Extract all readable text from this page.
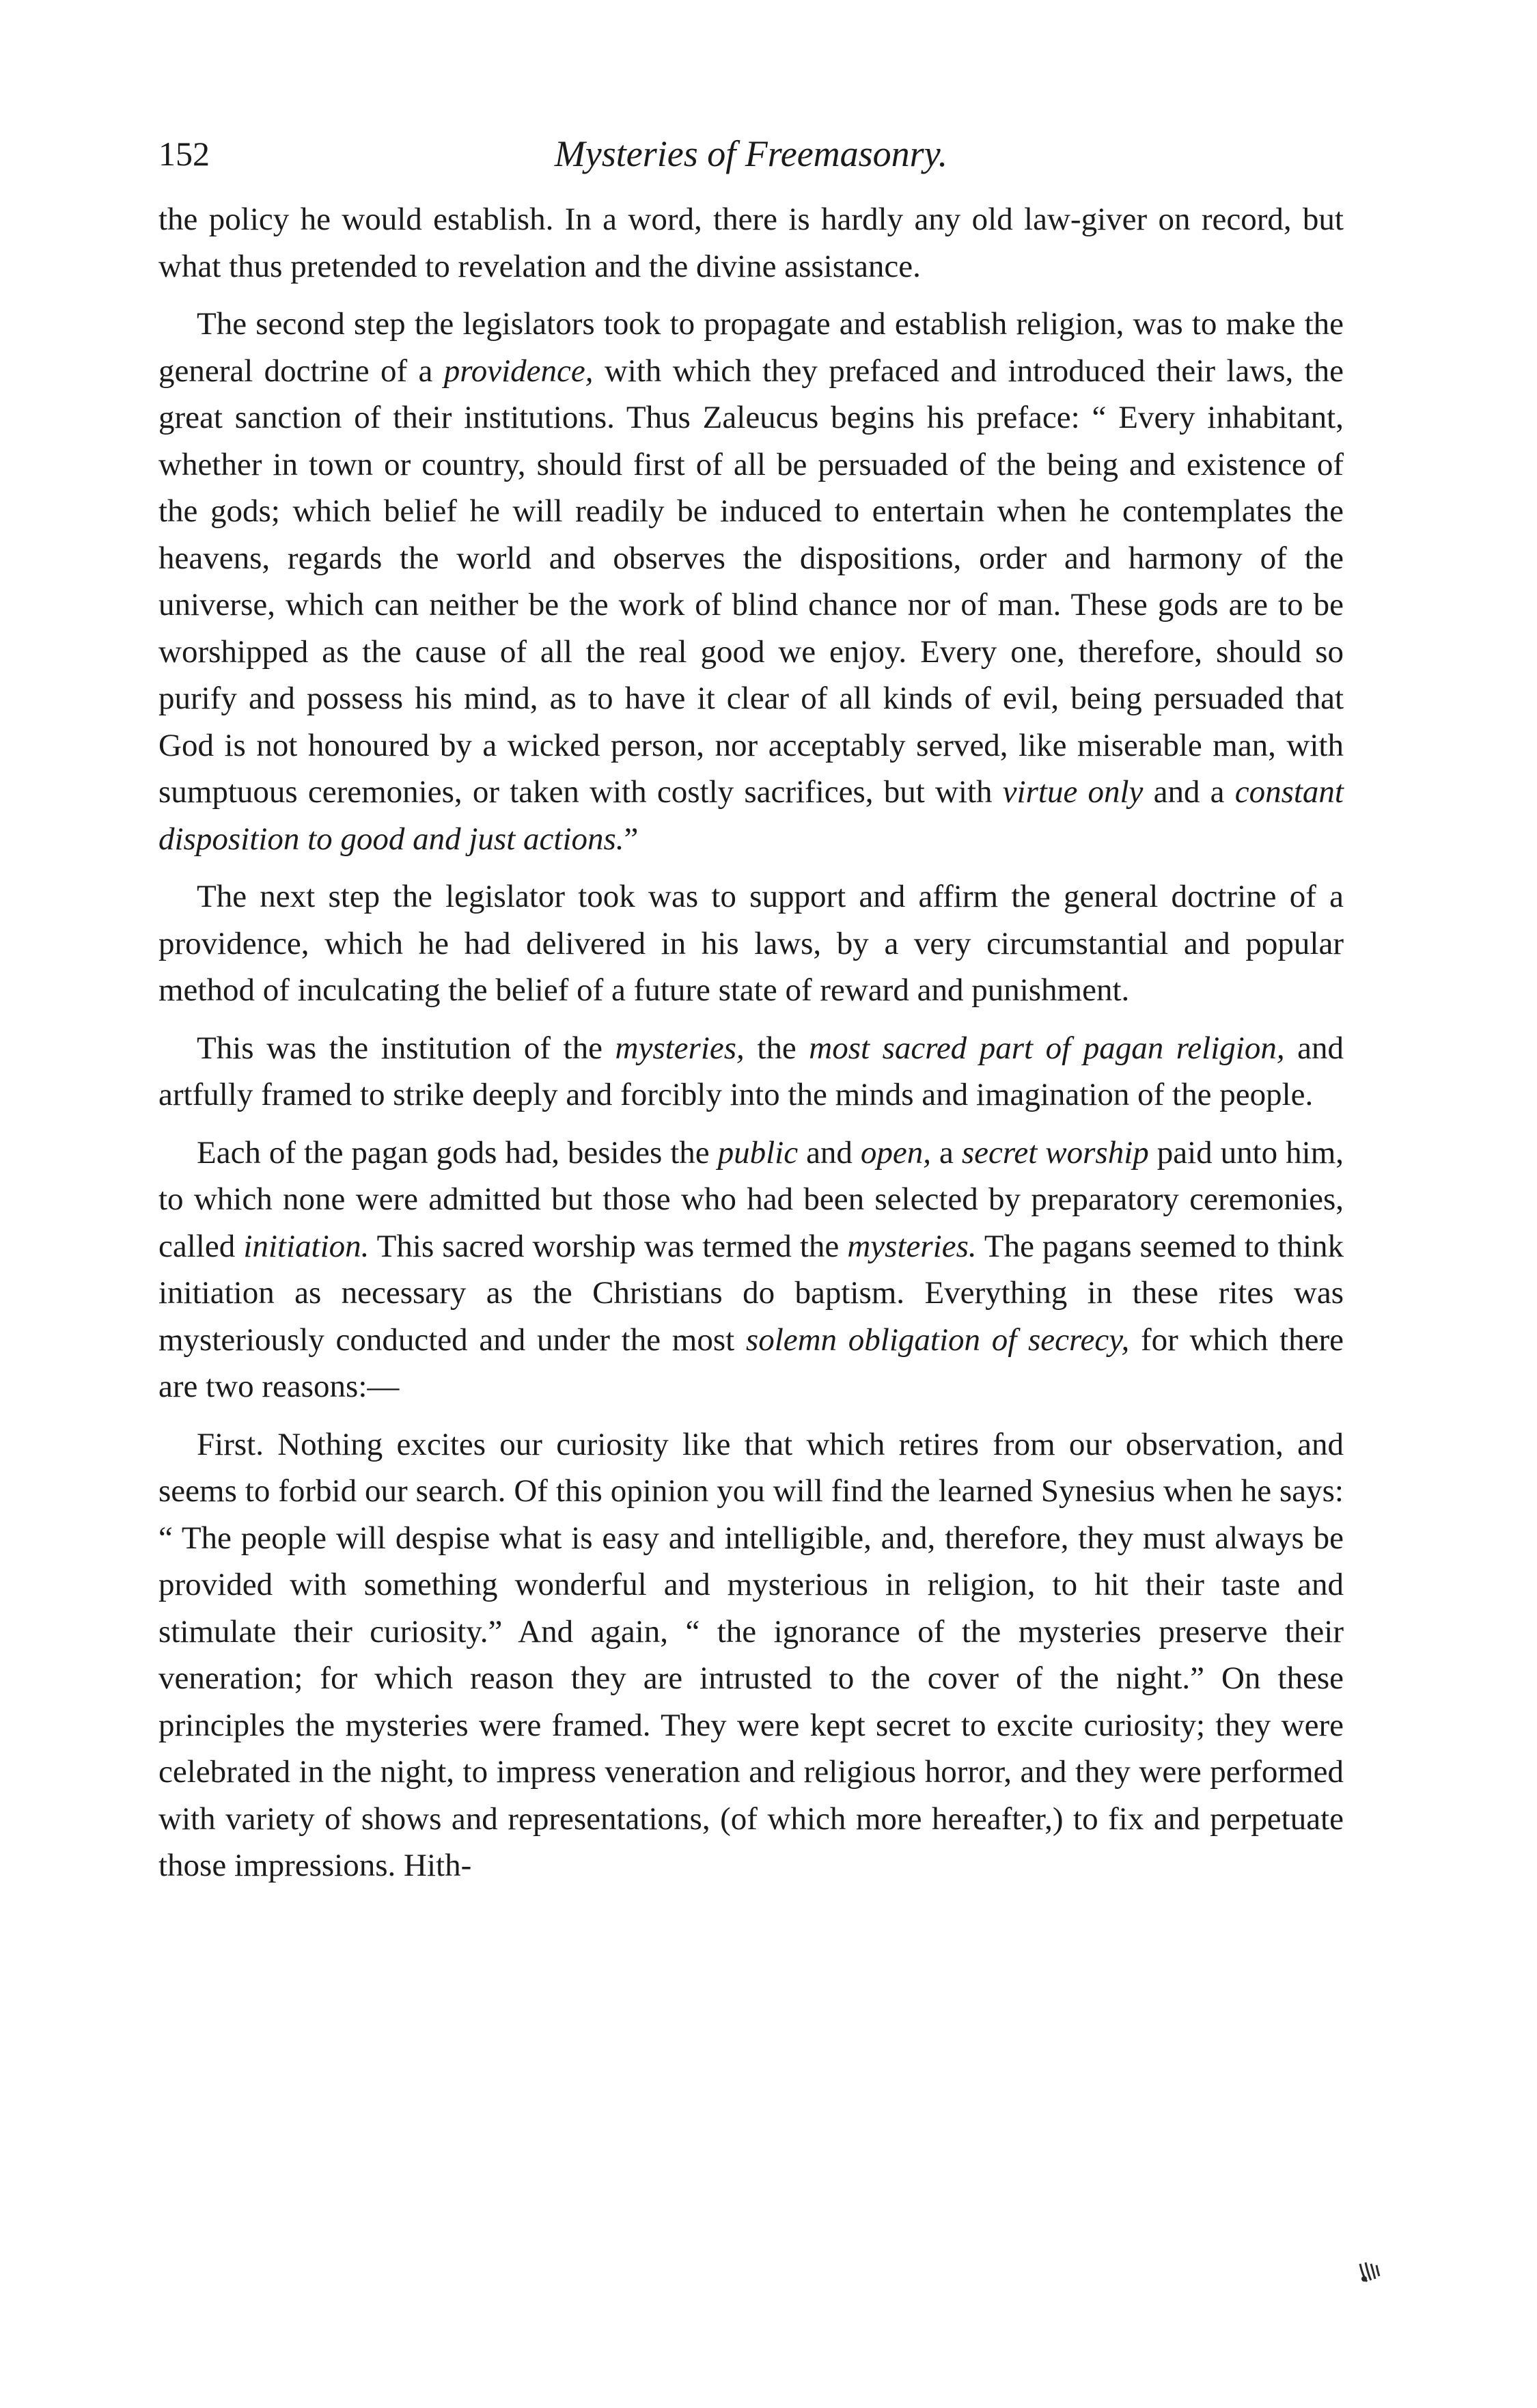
152	Mysteries of Freemasonry.

the policy he would establish. In a word, there is hardly any old law-giver on record, but what thus pretended to revelation and the divine assistance.

The second step the legislators took to propagate and establish religion, was to make the general doctrine of a providence, with which they prefaced and introduced their laws, the great sanction of their institutions. Thus Zaleucus begins his preface: “ Every inhabitant, whether in town or country, should first of all be persuaded of the being and existence of the gods; which belief he will readily be induced to entertain when he contemplates the heavens, regards the world and observes the dispositions, order and harmony of the universe, which can neither be the work of blind chance nor of man. These gods are to be worshipped as the cause of all the real good we enjoy. Every one, therefore, should so purify and possess his mind, as to have it clear of all kinds of evil, being persuaded that God is not honoured by a wicked person, nor acceptably served, like miserable man, with sumptuous ceremonies, or taken with costly sacrifices, but with virtue only and a constant disposition to good and just actions.”

The next step the legislator took was to support and affirm the general doctrine of a providence, which he had delivered in his laws, by a very circumstantial and popular method of inculcating the belief of a future state of reward and punishment.

This was the institution of the mysteries, the most sacred part of pagan religion, and artfully framed to strike deeply and forcibly into the minds and imagination of the people.

Each of the pagan gods had, besides the public and open, a secret worship paid unto him, to which none were admitted but those who had been selected by preparatory ceremonies, called initiation. This sacred worship was termed the mysteries. The pagans seemed to think initiation as necessary as the Christians do baptism. Everything in these rites was mysteriously conducted and under the most solemn obligation of secrecy, for which there are two reasons:—

First. Nothing excites our curiosity like that which retires from our observation, and seems to forbid our search. Of this opinion you will find the learned Synesius when he says: “ The people will despise what is easy and intelligible, and, therefore, they must always be provided with something wonderful and mysterious in religion, to hit their taste and stimulate their curiosity.” And again, “ the ignorance of the mysteries preserve their veneration; for which reason they are intrusted to the cover of the night.” On these principles the mysteries were framed. They were kept secret to excite curiosity; they were celebrated in the night, to impress veneration and religious horror, and they were performed with variety of shows and representations, (of which more hereafter,) to fix and perpetuate those impressions. Hith-
